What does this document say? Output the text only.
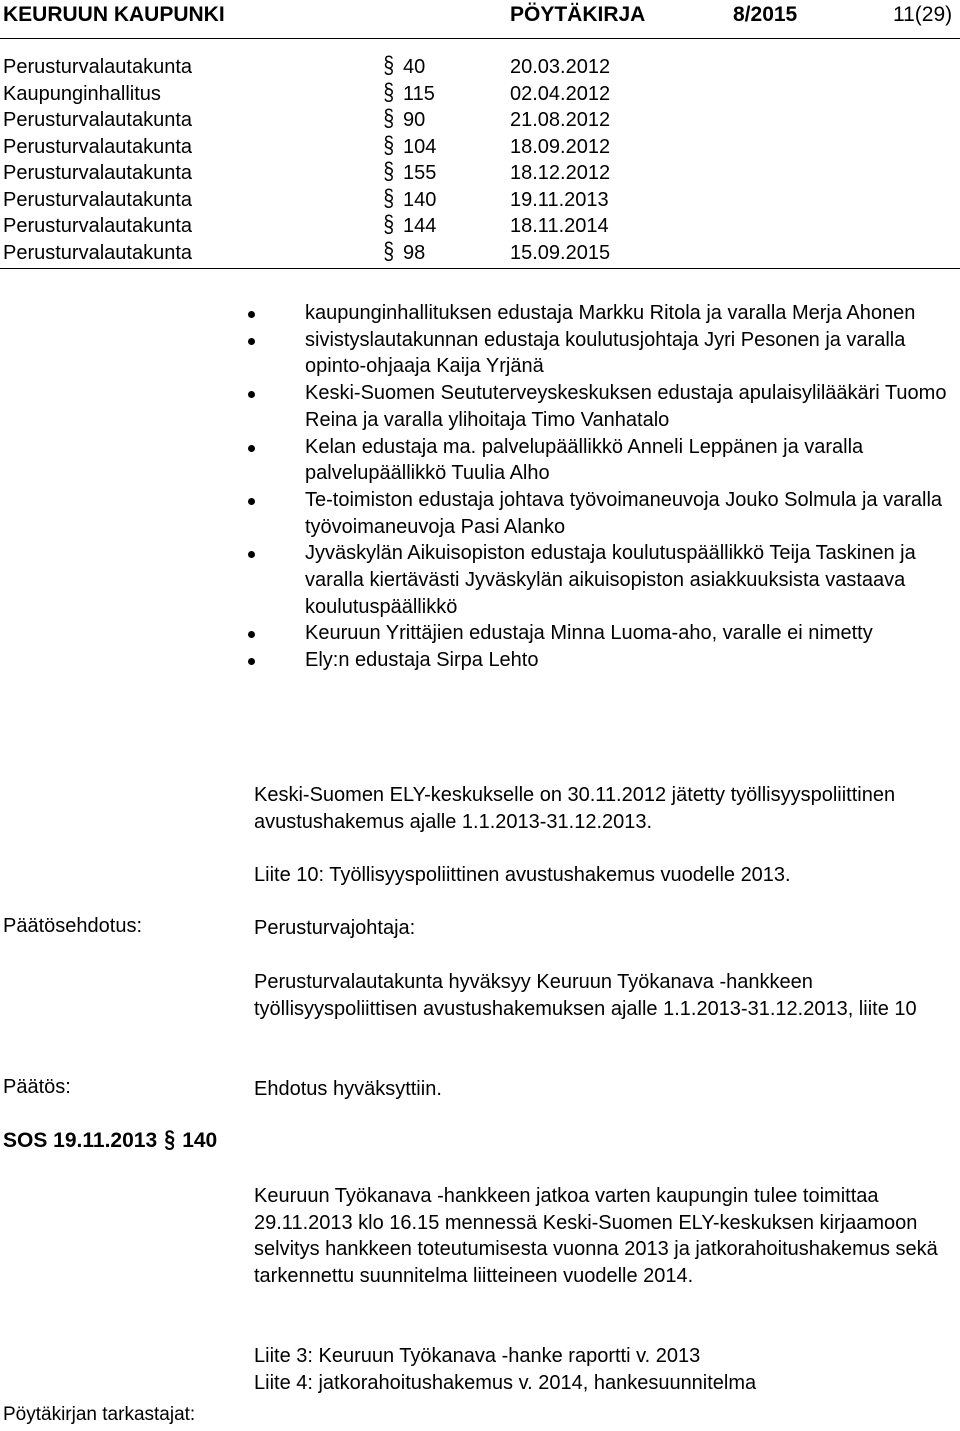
KEURUUN KAUPUNKI	PÖYTÄKIRJA	8/2015	11(29)
Perusturvalautakunta	§ 40	20.03.2012
Kaupunginhallitus	§ 115	02.04.2012
Perusturvalautakunta	§ 90	21.08.2012
Perusturvalautakunta	§ 104	18.09.2012
Perusturvalautakunta	§ 155	18.12.2012
Perusturvalautakunta	§ 140	19.11.2013
Perusturvalautakunta	§ 144	18.11.2014
Perusturvalautakunta	§ 98	15.09.2015
kaupunginhallituksen edustaja Markku Ritola ja varalla Merja Ahonen
sivistyslautakunnan edustaja koulutusjohtaja Jyri Pesonen ja varalla opinto-ohjaaja Kaija Yrjänä
Keski-Suomen Seututerveyskeskuksen edustaja apulaisylilääkäri Tuomo Reina ja varalla ylihoitaja Timo Vanhatalo
Kelan edustaja ma. palvelupäällikkö Anneli Leppänen ja varalla palvelupäällikkö Tuulia Alho
Te-toimiston edustaja johtava työvoimaneuvoja Jouko Solmula ja varalla työvoimaneuvoja Pasi Alanko
Jyväskylän Aikuisopiston edustaja koulutuspäällikkö Teija Taskinen ja varalla kiertävästi Jyväskylän aikuisopiston asiakkuuksista vastaava koulutuspäällikkö
Keuruun Yrittäjien edustaja Minna Luoma-aho, varalle ei nimetty
Ely:n edustaja Sirpa Lehto
Keski-Suomen ELY-keskukselle on 30.11.2012 jätetty työllisyyspoliittinen avustushakemus ajalle 1.1.2013-31.12.2013.
Liite 10: Työllisyyspoliittinen avustushakemus vuodelle 2013.
Päätösehdotus:	Perusturvajohtaja:
Perusturvalautakunta hyväksyy Keuruun Työkanava -hankkeen työllisyyspoliittisen avustushakemuksen ajalle 1.1.2013-31.12.2013, liite 10
Päätös:	Ehdotus hyväksyttiin.
SOS 19.11.2013 § 140
Keuruun Työkanava -hankkeen jatkoa varten kaupungin tulee toimittaa 29.11.2013 klo 16.15 mennessä Keski-Suomen ELY-keskuksen kirjaamoon selvitys hankkeen toteutumisesta vuonna 2013 ja jatkorahoitushakemus sekä tarkennettu suunnitelma liitteineen vuodelle 2014.
Liite 3: Keuruun Työkanava -hanke raportti v. 2013
Liite 4: jatkorahoitushakemus v. 2014, hankesuunnitelma
Pöytäkirjan tarkastajat:
